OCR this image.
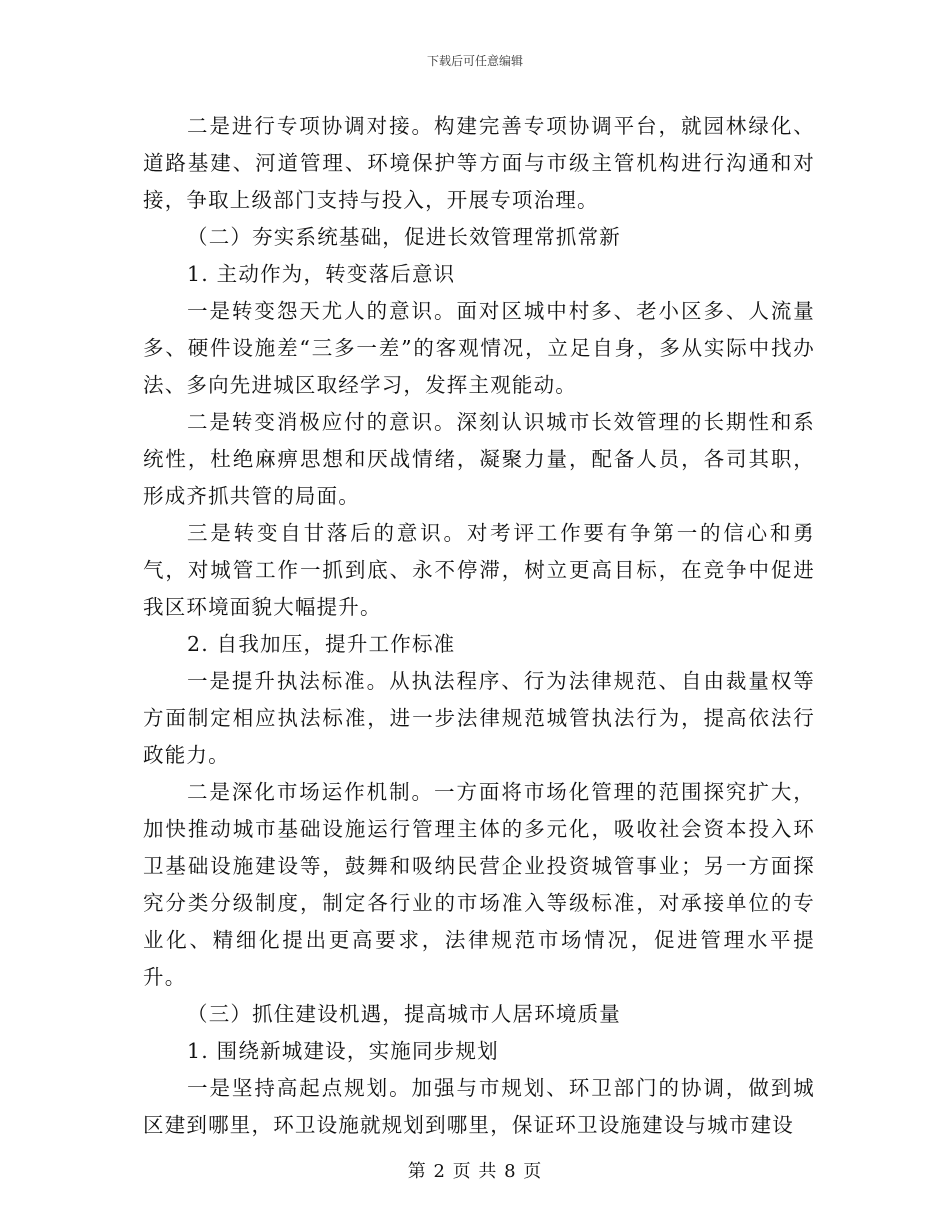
下载后可任意编辑

二是进行专项协调对接。构建完善专项协调平台，就园林绿化、道路基建、河道管理、环境保护等方面与市级主管机构进行沟通和对接，争取上级部门支持与投入，开展专项治理。

（二）夯实系统基础，促进长效管理常抓常新

1. 主动作为，转变落后意识

一是转变怨天尤人的意识。面对区城中村多、老小区多、人流量多、硬件设施差“三多一差”的客观情况，立足自身，多从实际中找办法、多向先进城区取经学习，发挥主观能动。

二是转变消极应付的意识。深刻认识城市长效管理的长期性和系统性，杜绝麻痹思想和厌战情绪，凝聚力量，配备人员，各司其职，形成齐抓共管的局面。

三是转变自甘落后的意识。对考评工作要有争第一的信心和勇气，对城管工作一抓到底、永不停滞，树立更高目标，在竞争中促进我区环境面貌大幅提升。

2. 自我加压，提升工作标准

一是提升执法标准。从执法程序、行为法律规范、自由裁量权等方面制定相应执法标准，进一步法律规范城管执法行为，提高依法行政能力。

二是深化市场运作机制。一方面将市场化管理的范围探究扩大，加快推动城市基础设施运行管理主体的多元化，吸收社会资本投入环卫基础设施建设等，鼓舞和吸纳民营企业投资城管事业；另一方面探究分类分级制度，制定各行业的市场准入等级标准，对承接单位的专业化、精细化提出更高要求，法律规范市场情况，促进管理水平提升。

（三）抓住建设机遇，提高城市人居环境质量

1. 围绕新城建设，实施同步规划

一是坚持高起点规划。加强与市规划、环卫部门的协调，做到城区建到哪里，环卫设施就规划到哪里，保证环卫设施建设与城市建设

第 2 页 共 8 页
